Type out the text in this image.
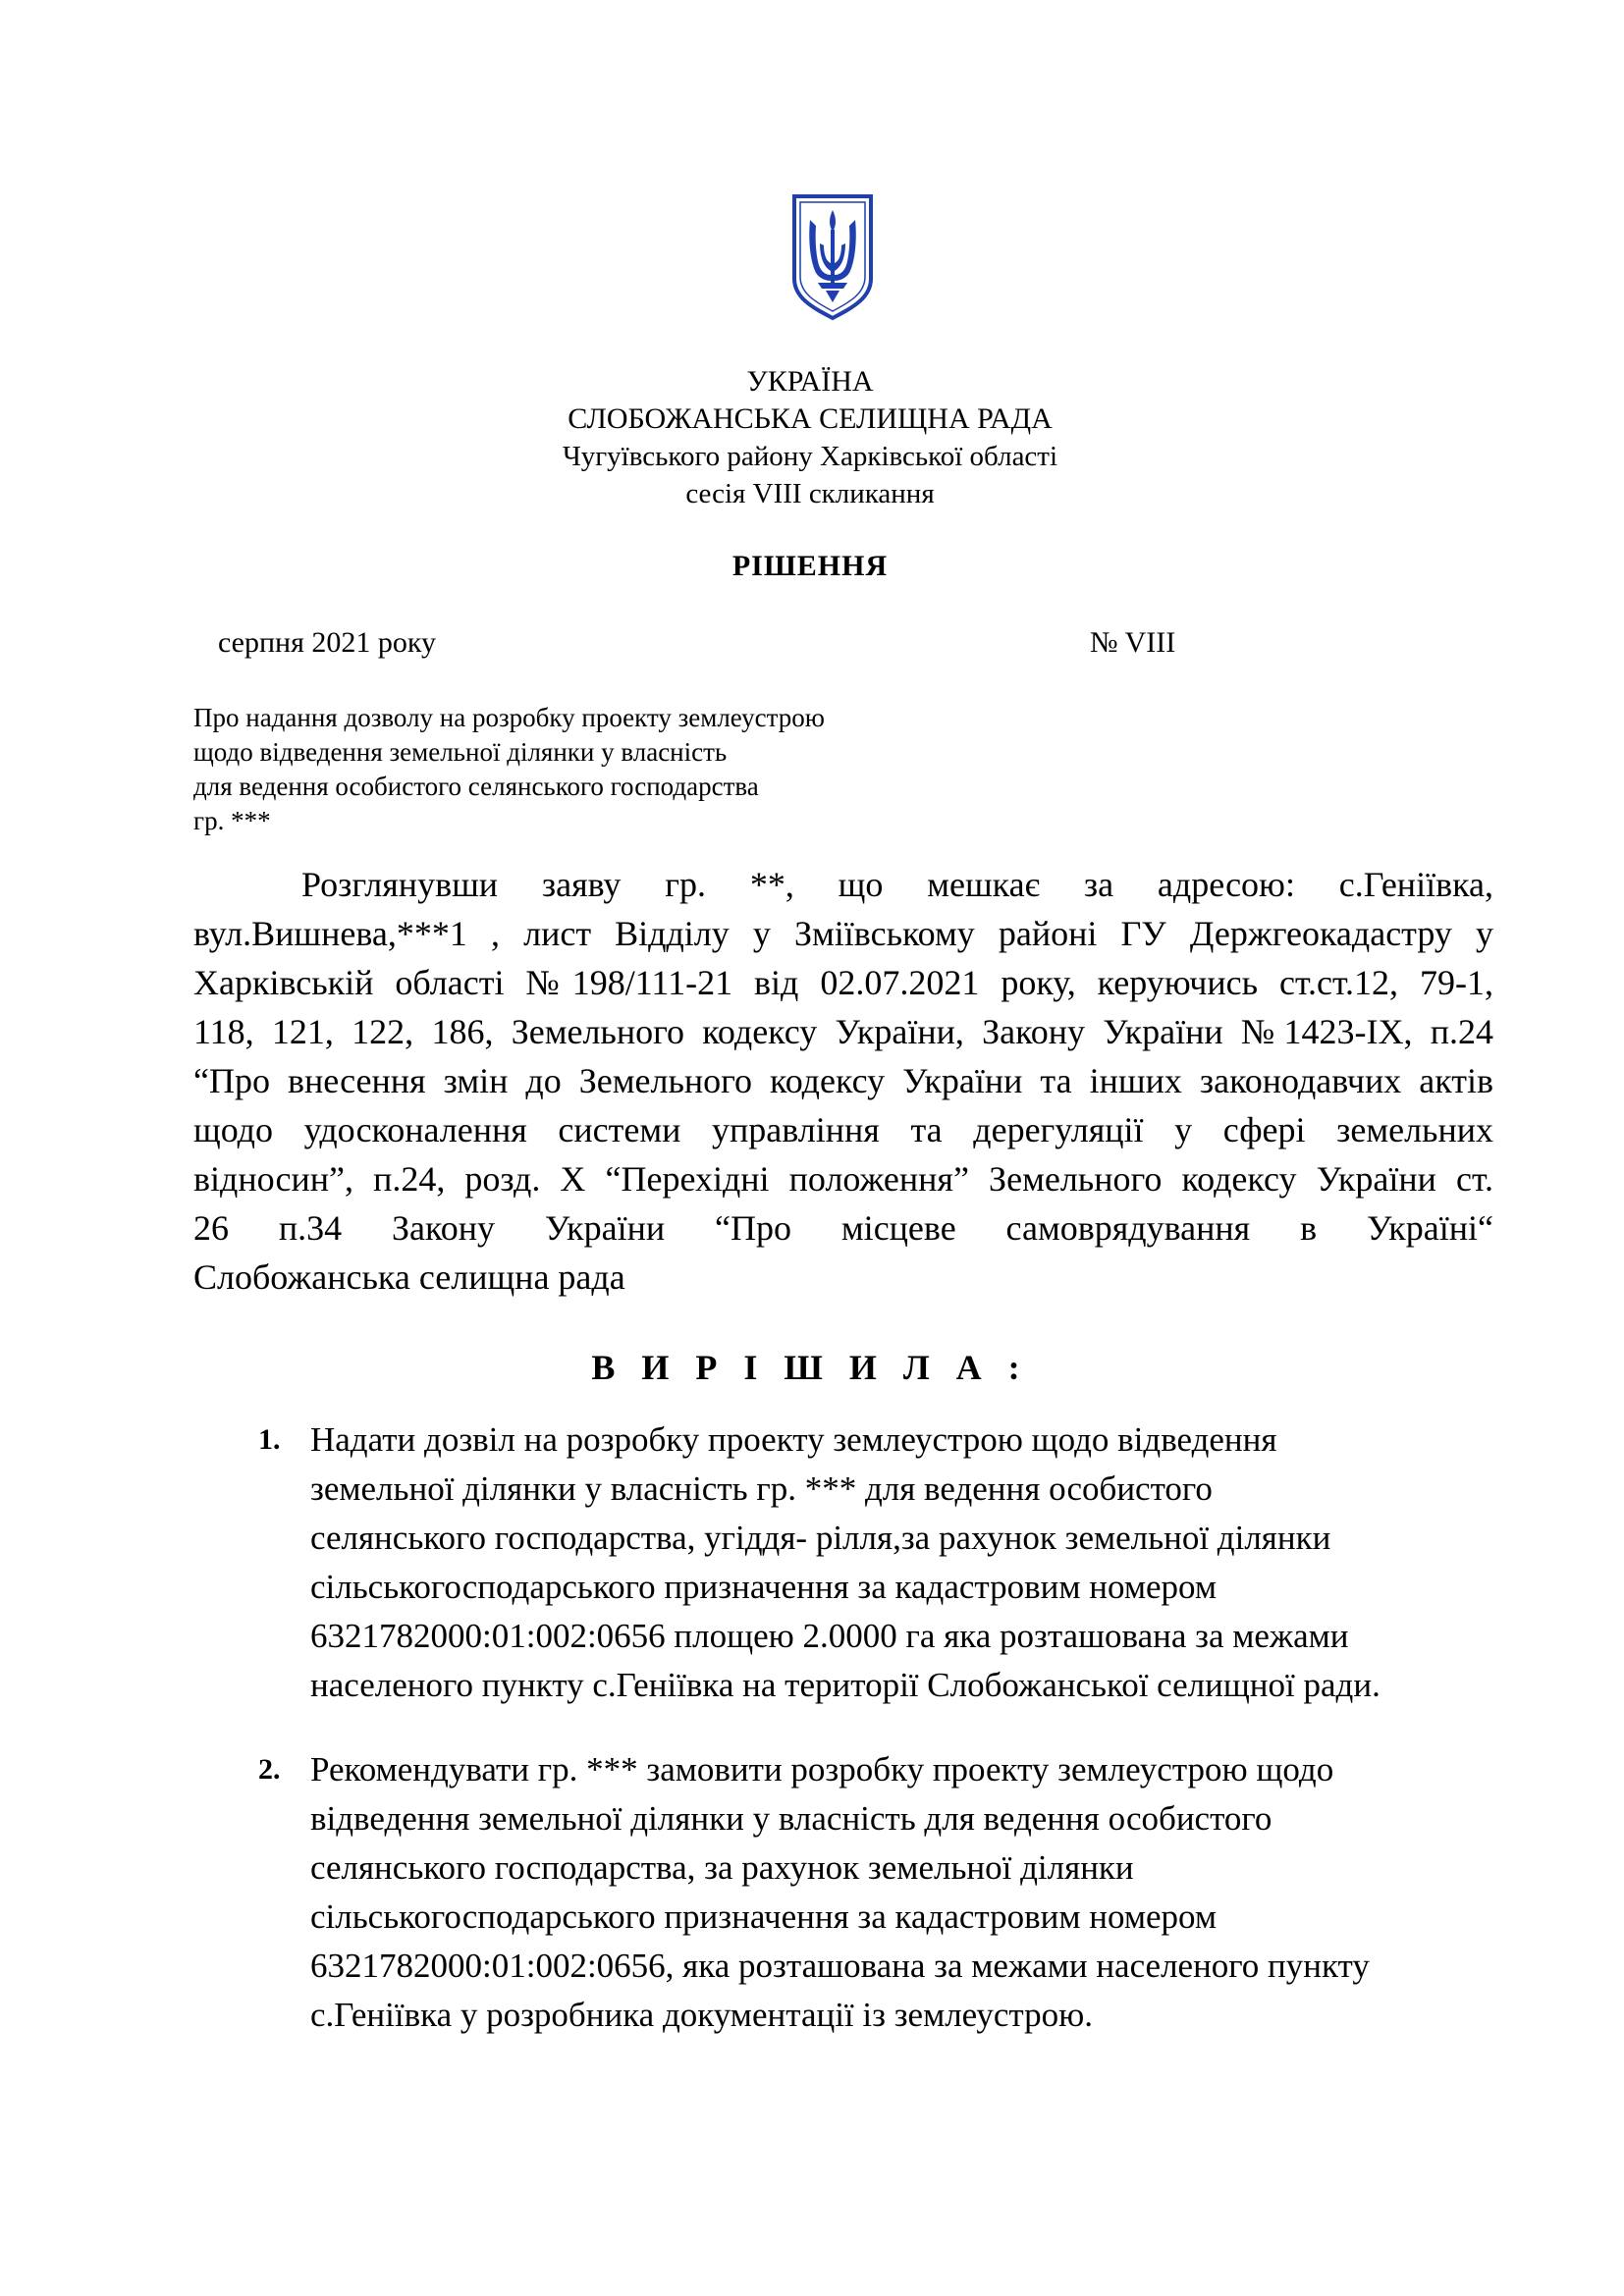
УКРАЇНА
СЛОБОЖАНСЬКА СЕЛИЩНА РАДА
Чугуївського району Харківської області
сесія VIII скликання
РІШЕННЯ
серпня 2021 року	№ VIII
Про надання дозволу на розробку проекту землеустрою
щодо відведення земельної ділянки у власність
для ведення особистого селянського господарства
гр. ***
Розглянувши заяву гр. **, що мешкає за адресою: с.Геніївка,
вул.Вишнева,***1 , лист Відділу у Зміївському районі ГУ Держгеокадастру у
Харківській області №198/111-21 від 02.07.2021 року, керуючись ст.ст.12, 79-1,
118, 121, 122, 186, Земельного кодексу України, Закону України №1423-IX, п.24
“Про внесення змін до Земельного кодексу України та інших законодавчих актів
щодо удосконалення системи управління та дерегуляції у сфері земельних
відносин”, п.24, розд. X “Перехідні положення” Земельного кодексу України ст.
26 п.34 Закону України “Про місцеве самоврядування в Україні“
Слобожанська селищна рада
В И Р І Ш И Л А :
1. Надати дозвіл на розробку проекту землеустрою щодо відведення
земельної ділянки у власність гр. *** для ведення особистого
селянського господарства, угіддя- рілля,за рахунок земельної ділянки
сільськогосподарського призначення за кадастровим номером
6321782000:01:002:0656 площею 2.0000 га яка розташована за межами
населеного пункту с.Геніївка на території Слобожанської селищної ради.
2. Рекомендувати гр. *** замовити розробку проекту землеустрою щодо
відведення земельної ділянки у власність для ведення особистого
селянського господарства, за рахунок земельної ділянки
сільськогосподарського призначення за кадастровим номером
6321782000:01:002:0656, яка розташована за межами населеного пункту
с.Геніївка у розробника документації із землеустрою.
